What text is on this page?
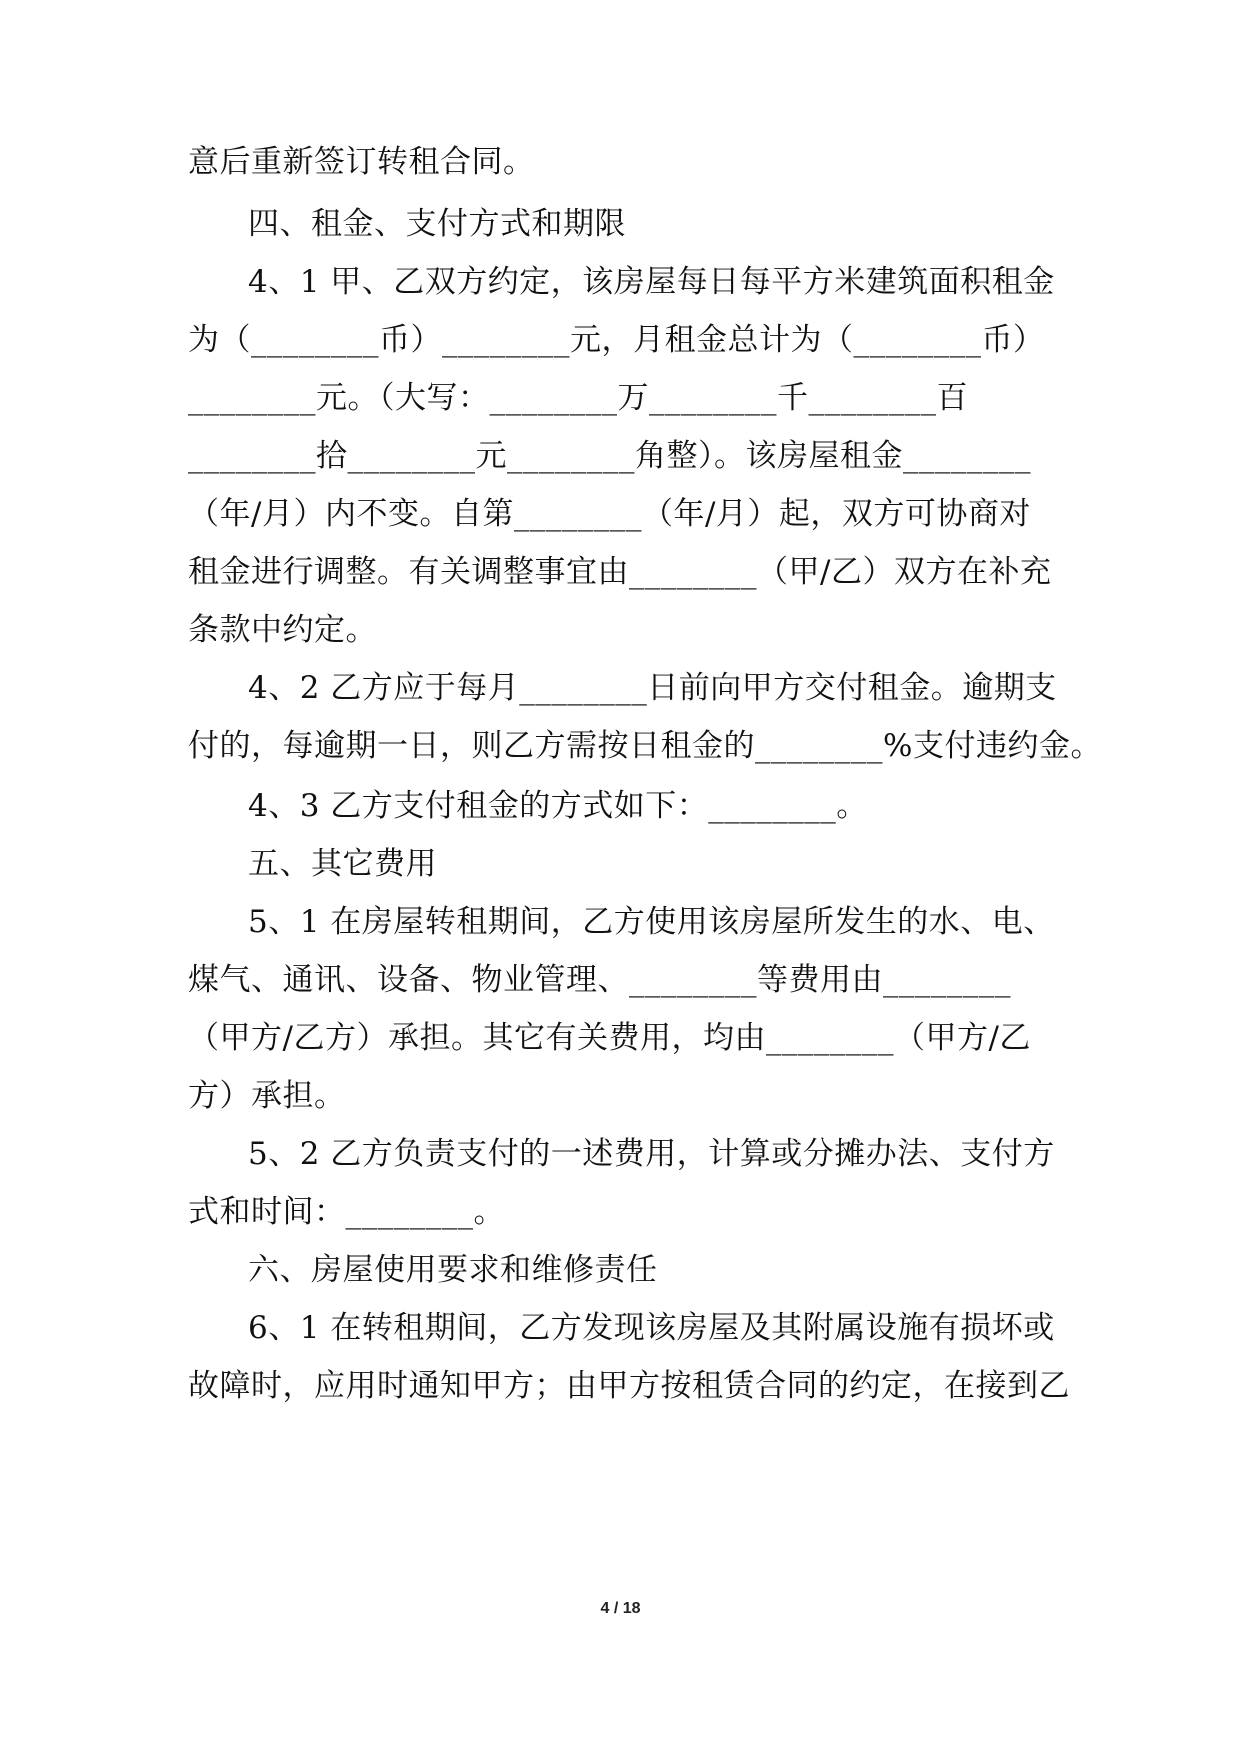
意后重新签订转租合同。
四、租金、支付方式和期限
4、1 甲、乙双方约定，该房屋每日每平方米建筑面积租金
为（________币）________元，月租金总计为（________币）
________元。（大写：________万________千________百
________拾________元________角整）。该房屋租金________
（年/月）内不变。自第________（年/月）起，双方可协商对
租金进行调整。有关调整事宜由________（甲/乙）双方在补充
条款中约定。
4、2 乙方应于每月________日前向甲方交付租金。逾期支
付的，每逾期一日，则乙方需按日租金的________%支付违约金。
4、3 乙方支付租金的方式如下：________。
五、其它费用
5、1 在房屋转租期间，乙方使用该房屋所发生的水、电、
煤气、通讯、设备、物业管理、________等费用由________
（甲方/乙方）承担。其它有关费用，均由________（甲方/乙
方）承担。
5、2 乙方负责支付的一述费用，计算或分摊办法、支付方
式和时间：________。
六、房屋使用要求和维修责任
6、1 在转租期间，乙方发现该房屋及其附属设施有损坏或
故障时，应用时通知甲方；由甲方按租赁合同的约定，在接到乙
4 / 18
